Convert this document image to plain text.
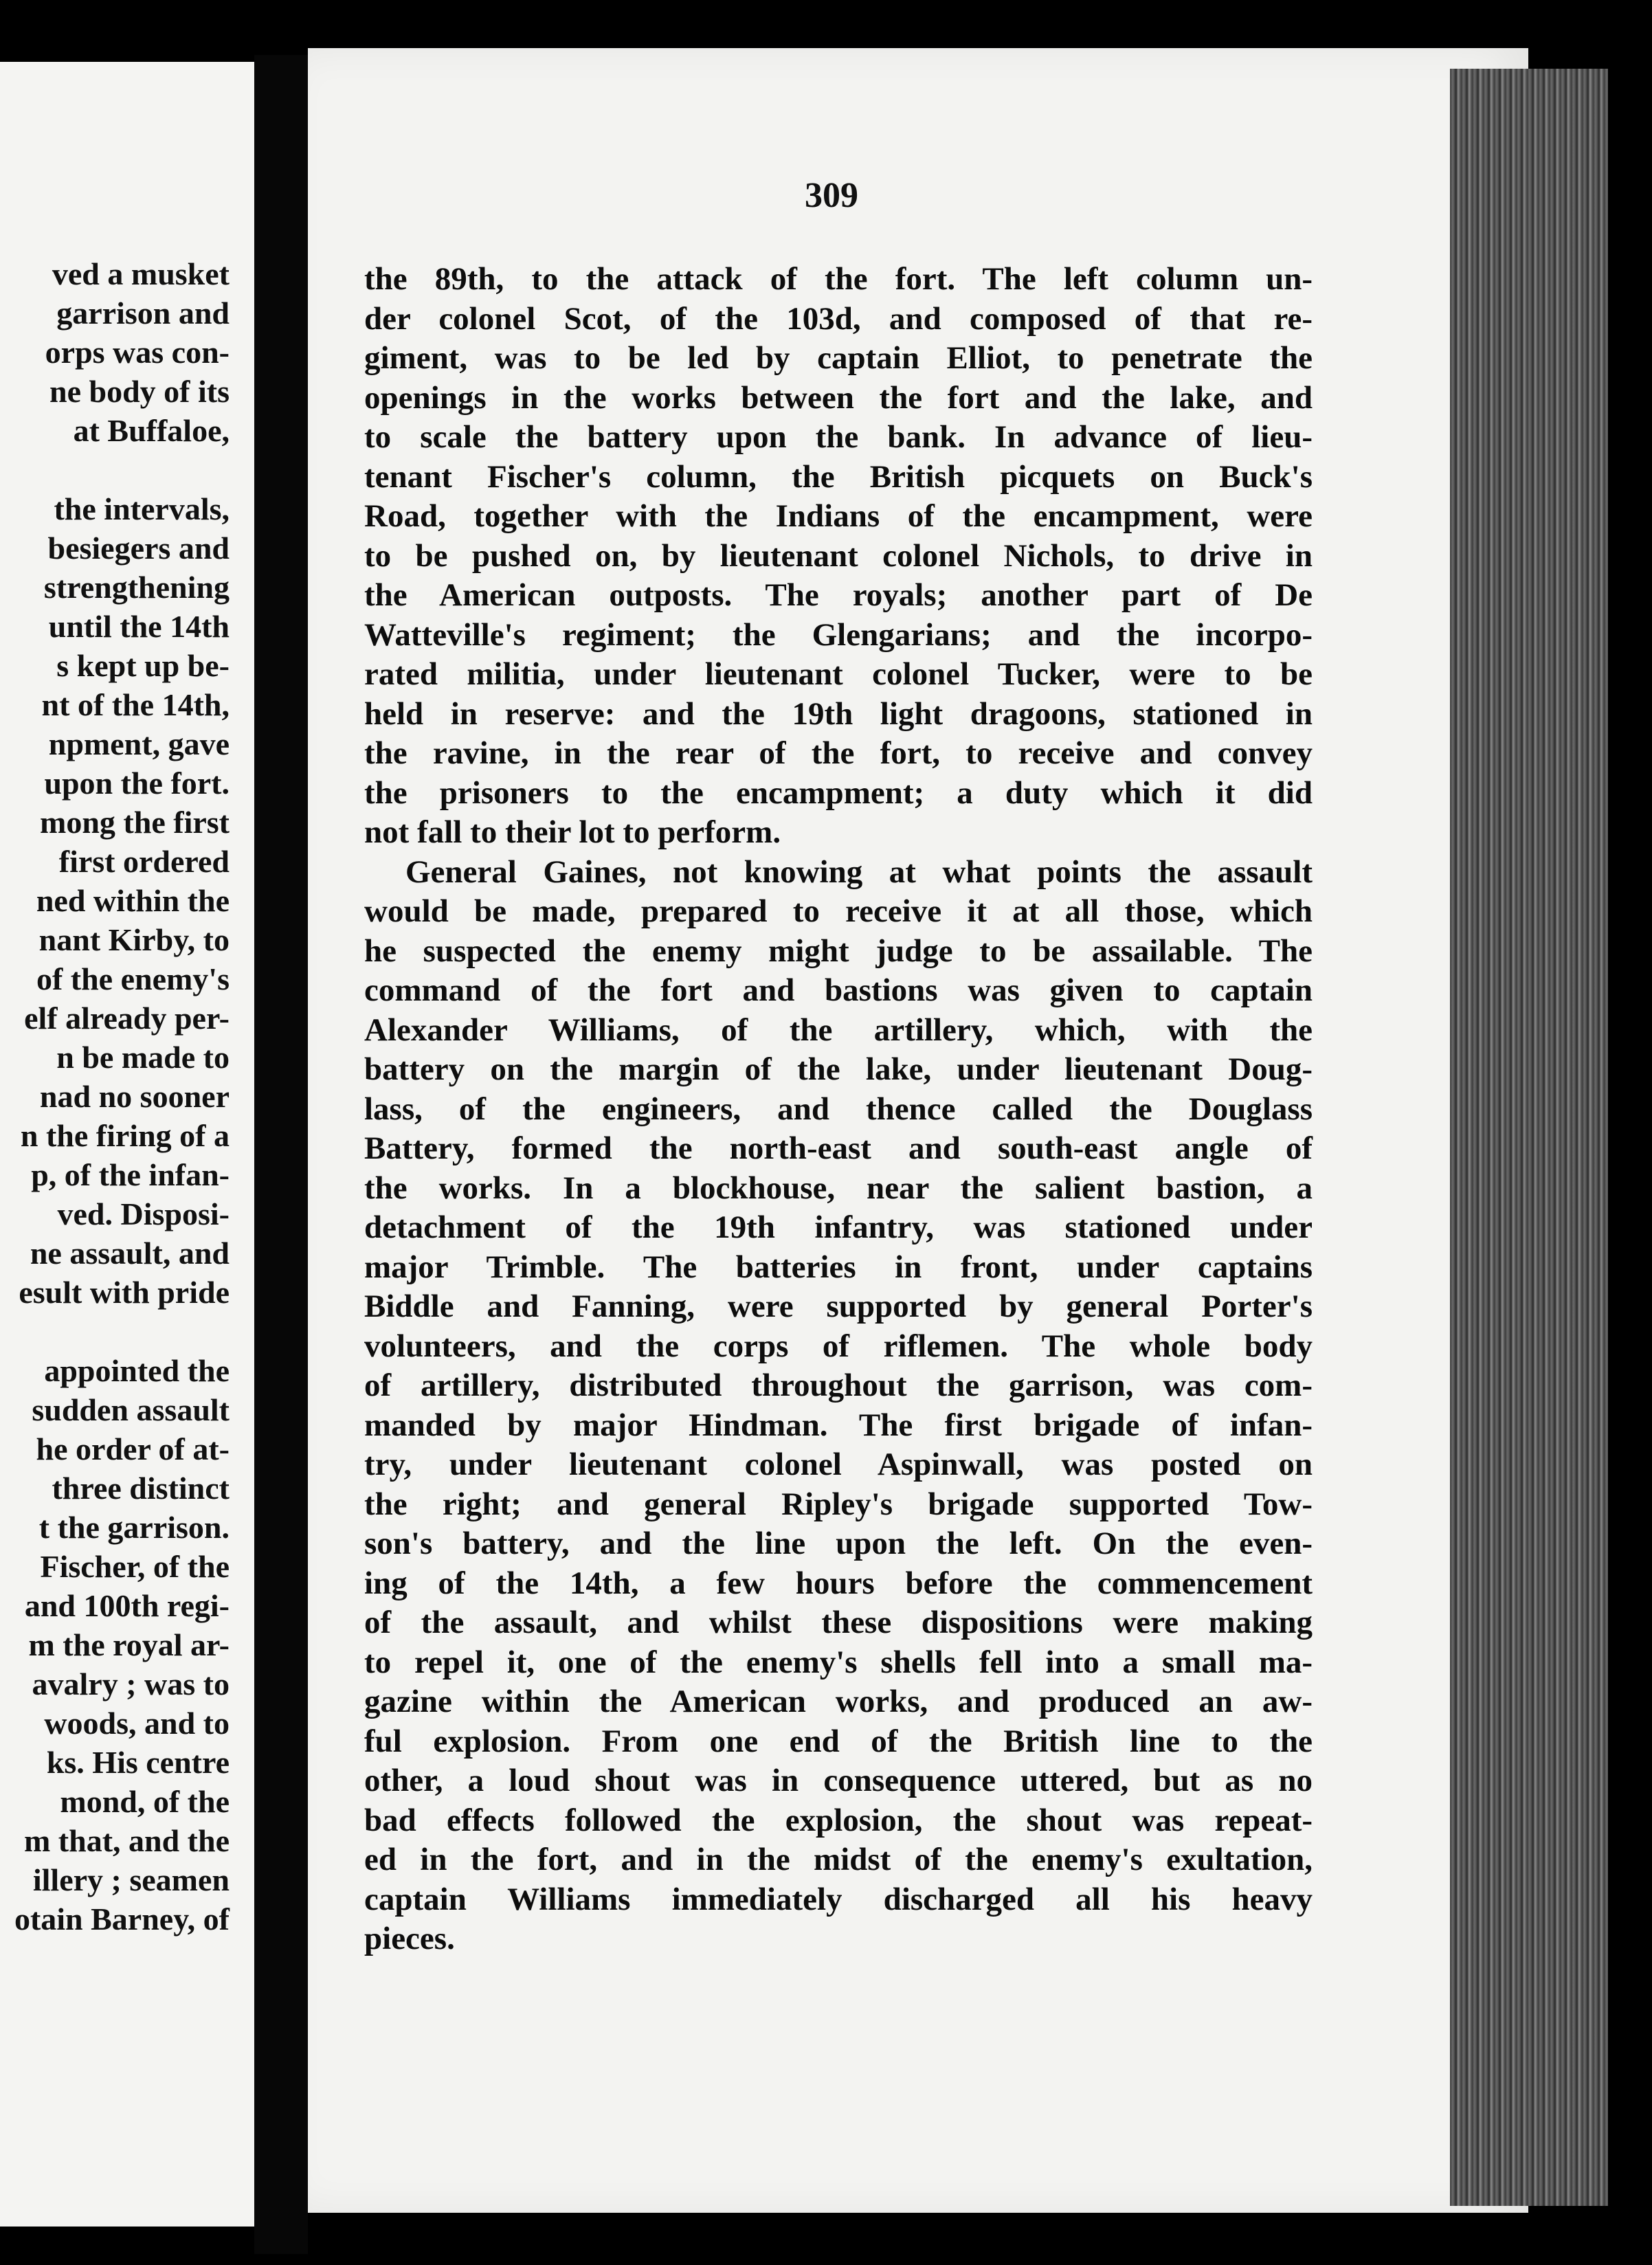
ved a musket
garrison and
orps was con-
ne body of its
at Buffaloe,
the intervals,
besiegers and
strengthening
until the 14th
s kept up be-
nt of the 14th,
npment, gave
upon the fort.
mong the first
first ordered
ned within the
nant Kirby, to
of the enemy's
elf already per-
n be made to
nad no sooner
n the firing of a
p, of the infan-
ved. Disposi-
ne assault, and
esult with pride
appointed the
sudden assault
he order of at-
three distinct
t the garrison.
Fischer, of the
and 100th regi-
m the royal ar-
avalry ; was to
woods, and to
ks. His centre
mond, of the
m that, and the
illery ; seamen
otain Barney, of
309
the 89th, to the attack of the fort. The left column un-
der colonel Scot, of the 103d, and composed of that re-
giment, was to be led by captain Elliot, to penetrate the
openings in the works between the fort and the lake, and
to scale the battery upon the bank. In advance of lieu-
tenant Fischer's column, the British picquets on Buck's
Road, together with the Indians of the encampment, were
to be pushed on, by lieutenant colonel Nichols, to drive in
the American outposts. The royals; another part of De
Watteville's regiment; the Glengarians; and the incorpo-
rated militia, under lieutenant colonel Tucker, were to be
held in reserve: and the 19th light dragoons, stationed in
the ravine, in the rear of the fort, to receive and convey
the prisoners to the encampment; a duty which it did
not fall to their lot to perform.
General Gaines, not knowing at what points the assault
would be made, prepared to receive it at all those, which
he suspected the enemy might judge to be assailable. The
command of the fort and bastions was given to captain
Alexander Williams, of the artillery, which, with the
battery on the margin of the lake, under lieutenant Doug-
lass, of the engineers, and thence called the Douglass
Battery, formed the north-east and south-east angle of
the works. In a blockhouse, near the salient bastion, a
detachment of the 19th infantry, was stationed under
major Trimble. The batteries in front, under captains
Biddle and Fanning, were supported by general Porter's
volunteers, and the corps of riflemen. The whole body
of artillery, distributed throughout the garrison, was com-
manded by major Hindman. The first brigade of infan-
try, under lieutenant colonel Aspinwall, was posted on
the right; and general Ripley's brigade supported Tow-
son's battery, and the line upon the left. On the even-
ing of the 14th, a few hours before the commencement
of the assault, and whilst these dispositions were making
to repel it, one of the enemy's shells fell into a small ma-
gazine within the American works, and produced an aw-
ful explosion. From one end of the British line to the
other, a loud shout was in consequence uttered, but as no
bad effects followed the explosion, the shout was repeat-
ed in the fort, and in the midst of the enemy's exultation,
captain Williams immediately discharged all his heavy
pieces.
